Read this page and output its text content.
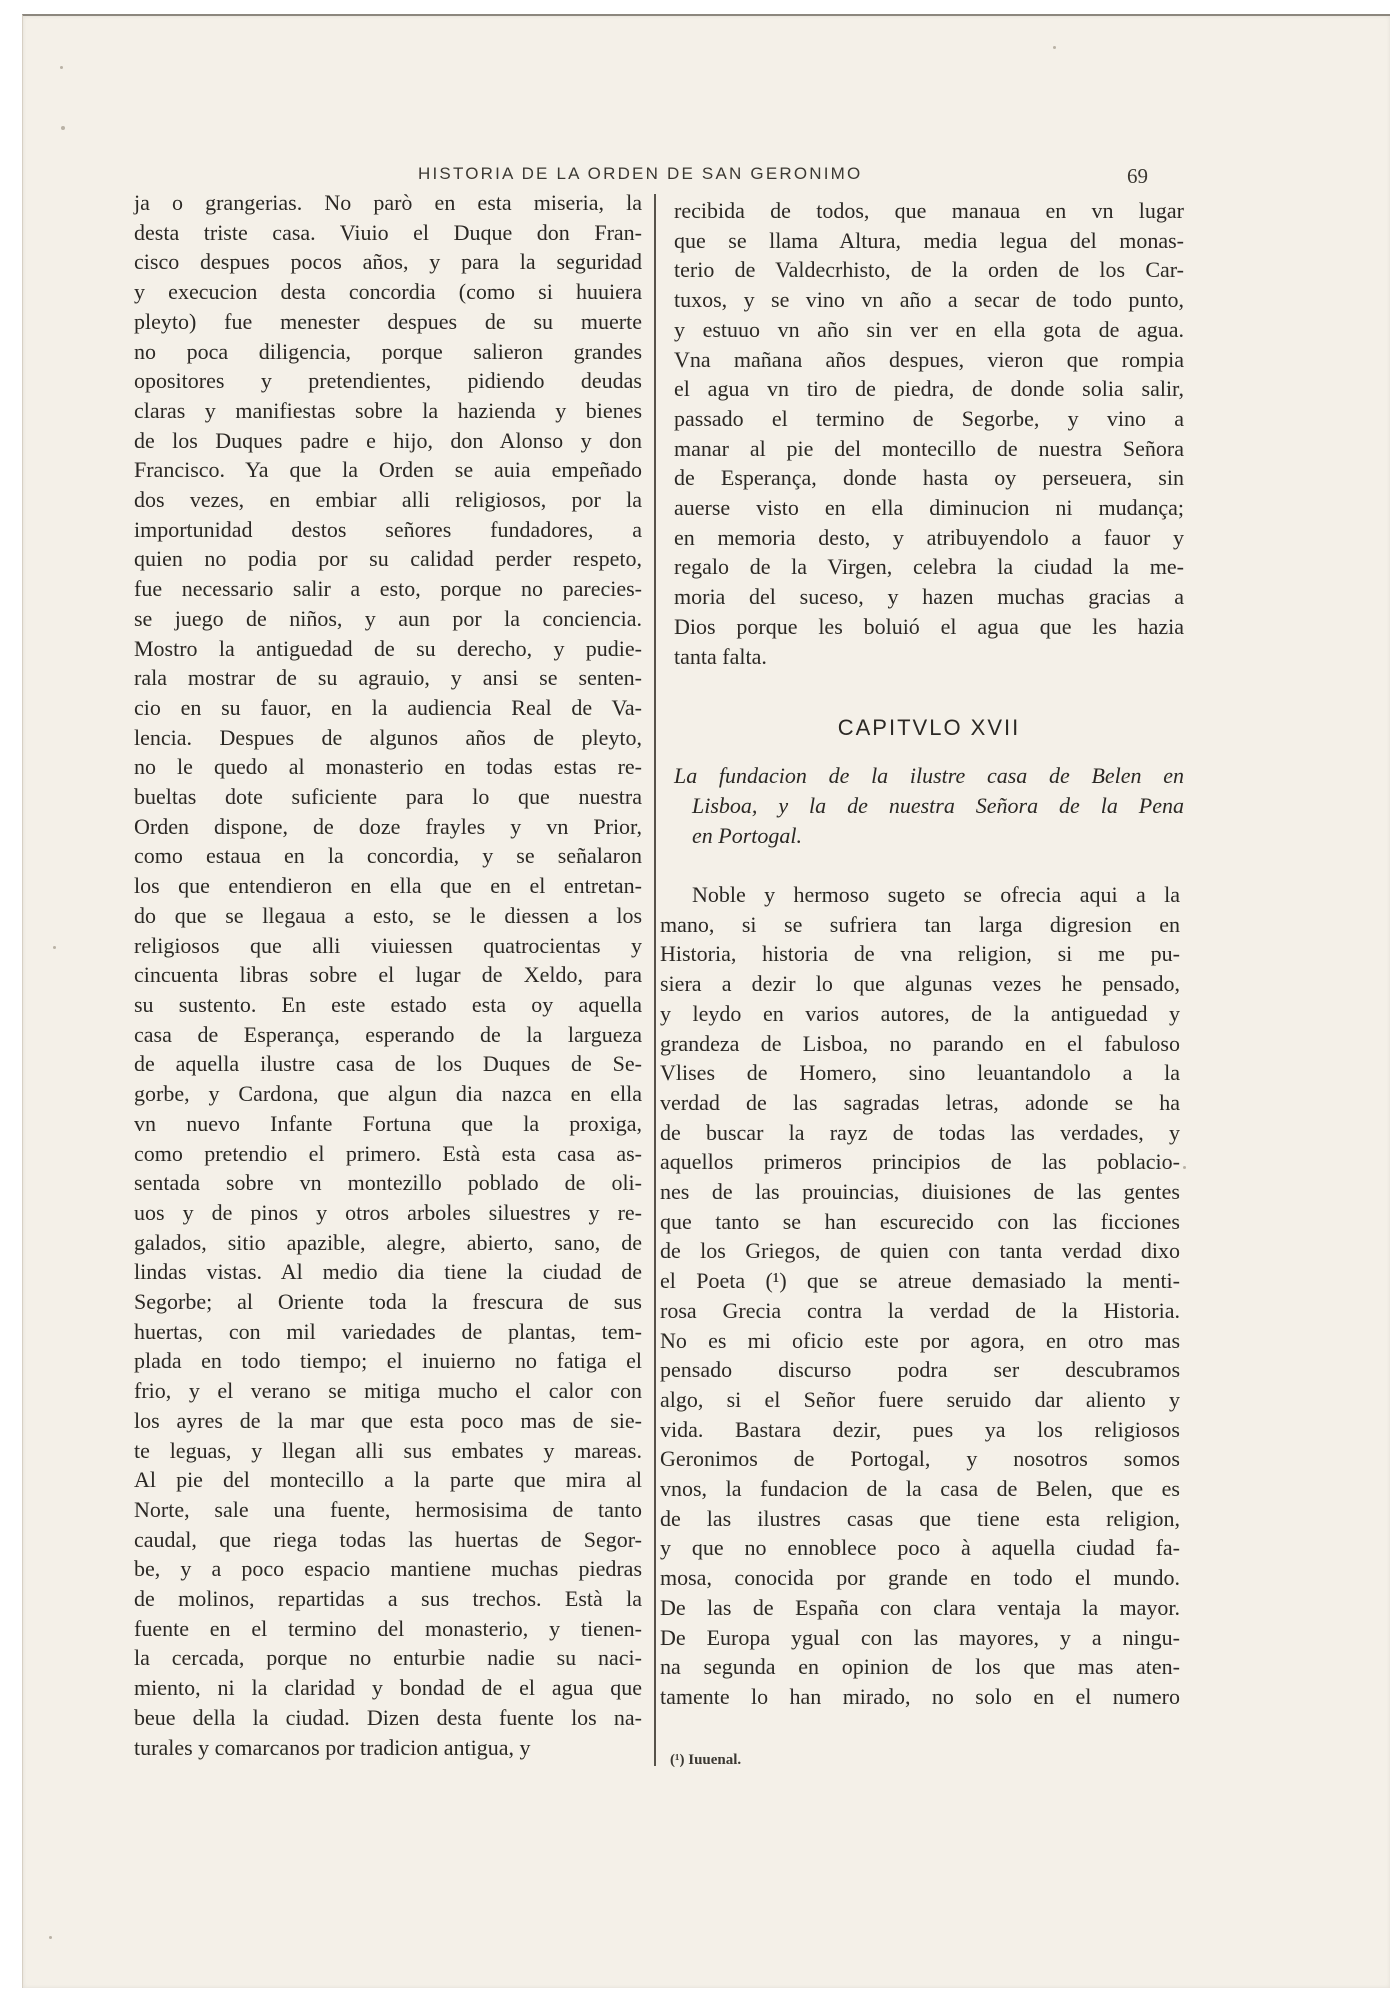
HISTORIA DE LA ORDEN DE SAN GERONIMO	69
ja o grangerias. No parò en esta miseria, la
desta triste casa. Viuio el Duque don Fran-
cisco despues pocos años, y para la seguridad
y execucion desta concordia (como si huuiera
pleyto) fue menester despues de su muerte
no poca diligencia, porque salieron grandes
opositores y pretendientes, pidiendo deudas
claras y manifiestas sobre la hazienda y bienes
de los Duques padre e hijo, don Alonso y don
Francisco. Ya que la Orden se auia empeñado
dos vezes, en embiar alli religiosos, por la
importunidad destos señores fundadores, a
quien no podia por su calidad perder respeto,
fue necessario salir a esto, porque no parecies-
se juego de niños, y aun por la conciencia.
Mostro la antiguedad de su derecho, y pudie-
rala mostrar de su agrauio, y ansi se senten-
cio en su fauor, en la audiencia Real de Va-
lencia. Despues de algunos años de pleyto,
no le quedo al monasterio en todas estas re-
bueltas dote suficiente para lo que nuestra
Orden dispone, de doze frayles y vn Prior,
como estaua en la concordia, y se señalaron
los que entendieron en ella que en el entretan-
do que se llegaua a esto, se le diessen a los
religiosos que alli viuiessen quatrocientas y
cincuenta libras sobre el lugar de Xeldo, para
su sustento. En este estado esta oy aquella
casa de Esperança, esperando de la largueza
de aquella ilustre casa de los Duques de Se-
gorbe, y Cardona, que algun dia nazca en ella
vn nuevo Infante Fortuna que la proxiga,
como pretendio el primero. Està esta casa as-
sentada sobre vn montezillo poblado de oli-
uos y de pinos y otros arboles siluestres y re-
galados, sitio apazible, alegre, abierto, sano, de
lindas vistas. Al medio dia tiene la ciudad de
Segorbe; al Oriente toda la frescura de sus
huertas, con mil variedades de plantas, tem-
plada en todo tiempo; el inuierno no fatiga el
frio, y el verano se mitiga mucho el calor con
los ayres de la mar que esta poco mas de sie-
te leguas, y llegan alli sus embates y mareas.
Al pie del montecillo a la parte que mira al
Norte, sale una fuente, hermosisima de tanto
caudal, que riega todas las huertas de Segor-
be, y a poco espacio mantiene muchas piedras
de molinos, repartidas a sus trechos. Està la
fuente en el termino del monasterio, y tienen-
la cercada, porque no enturbie nadie su naci-
miento, ni la claridad y bondad de el agua que
beue della la ciudad. Dizen desta fuente los na-
turales y comarcanos por tradicion antigua, y
recibida de todos, que manaua en vn lugar
que se llama Altura, media legua del monas-
terio de Valdecrhisto, de la orden de los Car-
tuxos, y se vino vn año a secar de todo punto,
y estuuo vn año sin ver en ella gota de agua.
Vna mañana años despues, vieron que rompia
el agua vn tiro de piedra, de donde solia salir,
passado el termino de Segorbe, y vino a
manar al pie del montecillo de nuestra Señora
de Esperança, donde hasta oy perseuera, sin
auerse visto en ella diminucion ni mudança;
en memoria desto, y atribuyendolo a fauor y
regalo de la Virgen, celebra la ciudad la me-
moria del suceso, y hazen muchas gracias a
Dios porque les boluió el agua que les hazia
tanta falta.
CAPITVLO XVII
La fundacion de la ilustre casa de Belen en
Lisboa, y la de nuestra Señora de la Pena
en Portogal.
Noble y hermoso sugeto se ofrecia aqui a la
mano, si se sufriera tan larga digresion en
Historia, historia de vna religion, si me pu-
siera a dezir lo que algunas vezes he pensado,
y leydo en varios autores, de la antiguedad y
grandeza de Lisboa, no parando en el fabuloso
Vlises de Homero, sino leuantandolo a la
verdad de las sagradas letras, adonde se ha
de buscar la rayz de todas las verdades, y
aquellos primeros principios de las poblacio-
nes de las prouincias, diuisiones de las gentes
que tanto se han escurecido con las ficciones
de los Griegos, de quien con tanta verdad dixo
el Poeta (¹) que se atreue demasiado la menti-
rosa Grecia contra la verdad de la Historia.
No es mi oficio este por agora, en otro mas
pensado discurso podra ser descubramos
algo, si el Señor fuere seruido dar aliento y
vida. Bastara dezir, pues ya los religiosos
Geronimos de Portogal, y nosotros somos
vnos, la fundacion de la casa de Belen, que es
de las ilustres casas que tiene esta religion,
y que no ennoblece poco à aquella ciudad fa-
mosa, conocida por grande en todo el mundo.
De las de España con clara ventaja la mayor.
De Europa ygual con las mayores, y a ningu-
na segunda en opinion de los que mas aten-
tamente lo han mirado, no solo en el numero
(¹) Iuuenal.
